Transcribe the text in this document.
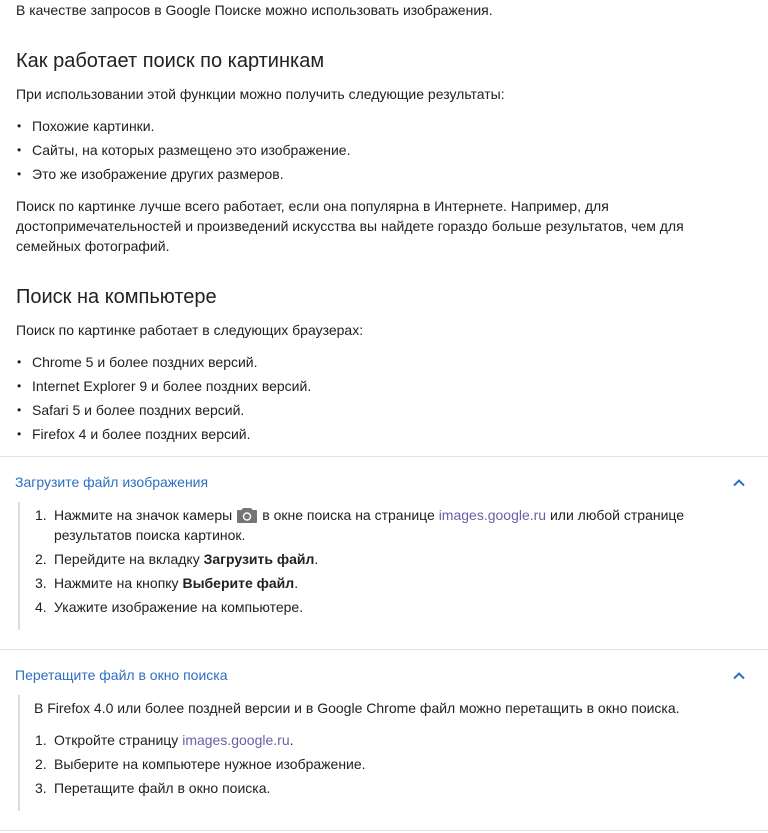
В качестве запросов в Google Поиске можно использовать изображения.

Как работает поиск по картинкам

При использовании этой функции можно получить следующие результаты:

• Похожие картинки.
• Сайты, на которых размещено это изображение.
• Это же изображение других размеров.

Поиск по картинке лучше всего работает, если она популярна в Интернете. Например, для

достопримечательностей и произведений искусства вы найдете гораздо больше результатов, чем для

семейных фотографий.

Поиск на компьютере

Поиск по картинке работает в следующих браузерах:

• Chrome 5 и более поздних версий.
• Internet Explorer 9 и более поздних версий.
• Safari 5 и более поздних версий.
• Firefox 4 и более поздних версий.
Загрузите файл изображения
1. Нажмите на значок камеры в окне поиска на странице images.google.ru или любой странице
результатов поиска картинок.
2. Перейдите на вкладку Загрузить файл.
3. Нажмите на кнопку Выберите файл.
4. Укажите изображение на компьютере.
Перетащите файл в окно поиска

В Firefox 4.0 или более поздней версии и в Google Chrome файл можно перетащить в окно поиска.

1. Откройте страницу images.google.ru.
2. Выберите на компьютере нужное изображение.
3. Перетащите файл в окно поиска.
